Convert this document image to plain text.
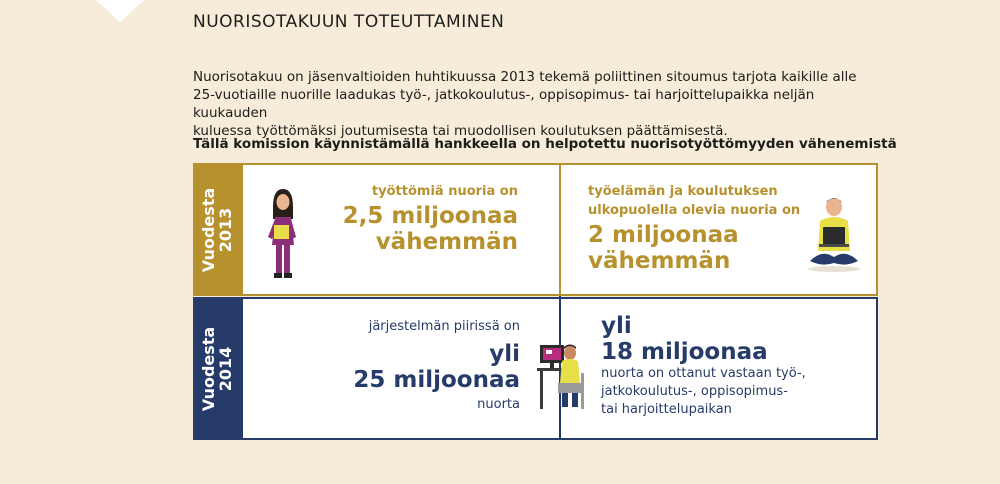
NUORISOTAKUUN TOTEUTTAMINEN

Nuorisotakuu on jäsenvaltioiden huhtikuussa 2013 tekemä poliittinen sitoumus tarjota kaikille alle

25-vuotiaille nuorille laadukas työ-, jatkokoulutus-, oppisopimus- tai harjoittelupaikka neljän kuukauden

kuluessa työttömäksi joutumisesta tai muodollisen koulutuksen päättämisestä.

Tällä komission käynnistämällä hankkeella on helpotettu nuorisotyöttömyyden vähenemistä
Vuodesta
2013
työttömiä nuoria on
2,5 miljoonaa
vähemmän
työelämän ja koulutuksen
ulkopuolella olevia nuoria on
2 miljoonaa
vähemmän
Vuodesta
2014
järjestelmän piirissä on
yli
25 miljoonaa
nuorta
yli
18 miljoonaa
nuorta on ottanut vastaan työ-,
jatkokoulutus-, oppisopimus-
tai harjoittelupaikan
